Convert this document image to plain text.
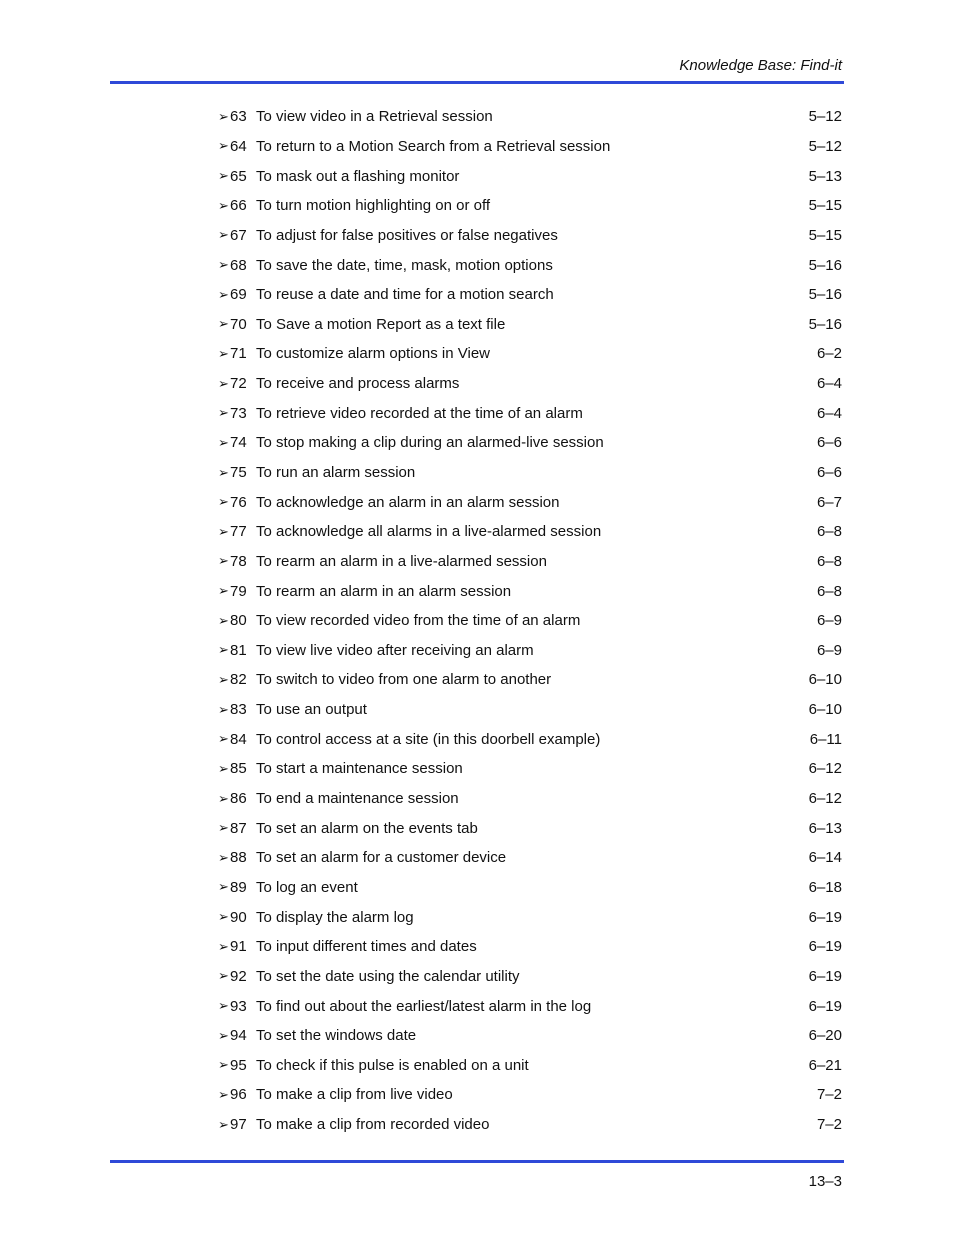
Knowledge Base: Find-it
➢ 63 To view video in a Retrieval session	5–12
➢ 64 To return to a Motion Search from a Retrieval session	5–12
➢ 65 To mask out a flashing monitor	5–13
➢ 66 To turn motion highlighting on or off	5–15
➢ 67 To adjust for false positives or false negatives	5–15
➢ 68 To save the date, time, mask, motion options	5–16
➢ 69 To reuse a date and time for a motion search	5–16
➢ 70 To Save a motion Report as a text file	5–16
➢ 71 To customize alarm options in View	6–2
➢ 72 To receive and process alarms	6–4
➢ 73 To retrieve video recorded at the time of an alarm	6–4
➢ 74 To stop making a clip during an alarmed-live session	6–6
➢ 75 To run an alarm session	6–6
➢ 76 To acknowledge an alarm in an alarm session	6–7
➢ 77 To acknowledge all alarms in a live-alarmed session	6–8
➢ 78 To rearm an alarm in a live-alarmed session	6–8
➢ 79 To rearm an alarm in an alarm session	6–8
➢ 80 To view recorded video from the time of an alarm	6–9
➢ 81 To view live video after receiving an alarm	6–9
➢ 82 To switch to video from one alarm to another	6–10
➢ 83 To use an output	6–10
➢ 84 To control access at a site (in this doorbell example)	6–11
➢ 85 To start a maintenance session	6–12
➢ 86 To end a maintenance session	6–12
➢ 87 To set an alarm on the events tab	6–13
➢ 88 To set an alarm for a customer device	6–14
➢ 89 To log an event	6–18
➢ 90 To display the alarm log	6–19
➢ 91 To input different times and dates	6–19
➢ 92 To set the date using the calendar utility	6–19
➢ 93 To find out about the earliest/latest alarm in the log	6–19
➢ 94 To set the windows date	6–20
➢ 95 To check if this pulse is enabled on a unit	6–21
➢ 96 To make a clip from live video	7–2
➢ 97 To make a clip from recorded video	7–2
13–3
